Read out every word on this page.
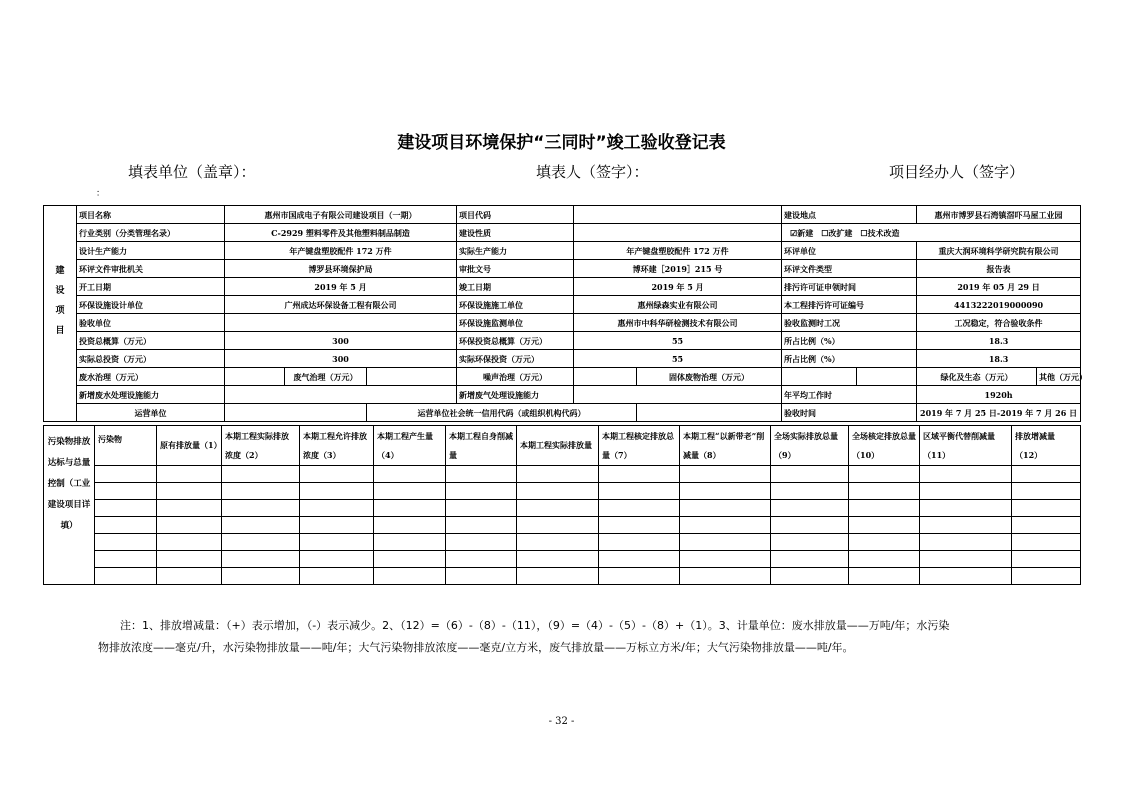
建设项目环境保护“三同时”竣工验收登记表
填表单位（盖章）：	填表人（签字）：	项目经办人（签字）
：
建设项目	项目名称	惠州市国成电子有限公司建设项目（一期）			项目代码			建设地点		惠州市博罗县石湾镇滘吓马屋工业园		
	行业类别（分类管理名录）	C-2929 塑料零件及其他塑料制品制造			建设性质			☑新建　☐改扩建　☐技术改造				
	设计生产能力	年产键盘塑胶配件 172 万件			实际生产能力	年产键盘塑胶配件 172 万件		环评单位		重庆大润环境科学研究院有限公司		
	环评文件审批机关	博罗县环境保护局			审批文号	博环建［2019］215 号		环评文件类型		报告表		
	开工日期	2019 年 5 月			竣工日期	2019 年 5 月		排污许可证申领时间		2019 年 05 月 29 日		
	环保设施设计单位	广州成达环保设备工程有限公司			环保设施施工单位	惠州绿森实业有限公司		本工程排污许可证编号		4413222019000090		
	验收单位				环保设施监测单位	惠州市中科华研检测技术有限公司		验收监测时工况		工况稳定，符合验收条件		
	投资总概算（万元）	300			环保投资总概算（万元）	55		所占比例（%）		18.3		
	实际总投资（万元）	300			实际环保投资（万元）	55		所占比例（%）		18.3		
	废水治理（万元）		废气治理（万元）		噪声治理（万元）		固体废物治理（万元）			绿化及生态（万元）	其他（万元）	
	新增废水处理设施能力				新增废气处理设施能力			年平均工作时		1920h		
	运营单位			运营单位社会统一信用代码（或组织机构代码）				验收时间		2019 年 7 月 25 日-2019 年 7 月 26 日		
污染物排放达标与总量控制（工业建设项目详填）	污染物	原有排放量（1）	本期工程实际排放浓度（2）	本期工程允许排放浓度（3）	本期工程产生量（4）	本期工程自身削减量	本期工程实际排放量	本期工程核定排放总量（7）	本期工程“以新带老”削减量（8）	全场实际排放总量（9）	全场核定排放总量（10）	区域平衡代替削减量（11）	排放增减量（12）

注：1、排放增减量：（+）表示增加，（-）表示减少。2、（12）=（6）-（8）-（11），（9）=（4）-（5）-（8）+（1）。3、计量单位：废水排放量——万吨/年；水污染
物排放浓度——毫克/升，水污染物排放量——吨/年；大气污染物排放浓度——毫克/立方米，废气排放量——万标立方米/年；大气污染物排放量——吨/年。
- 32 -
